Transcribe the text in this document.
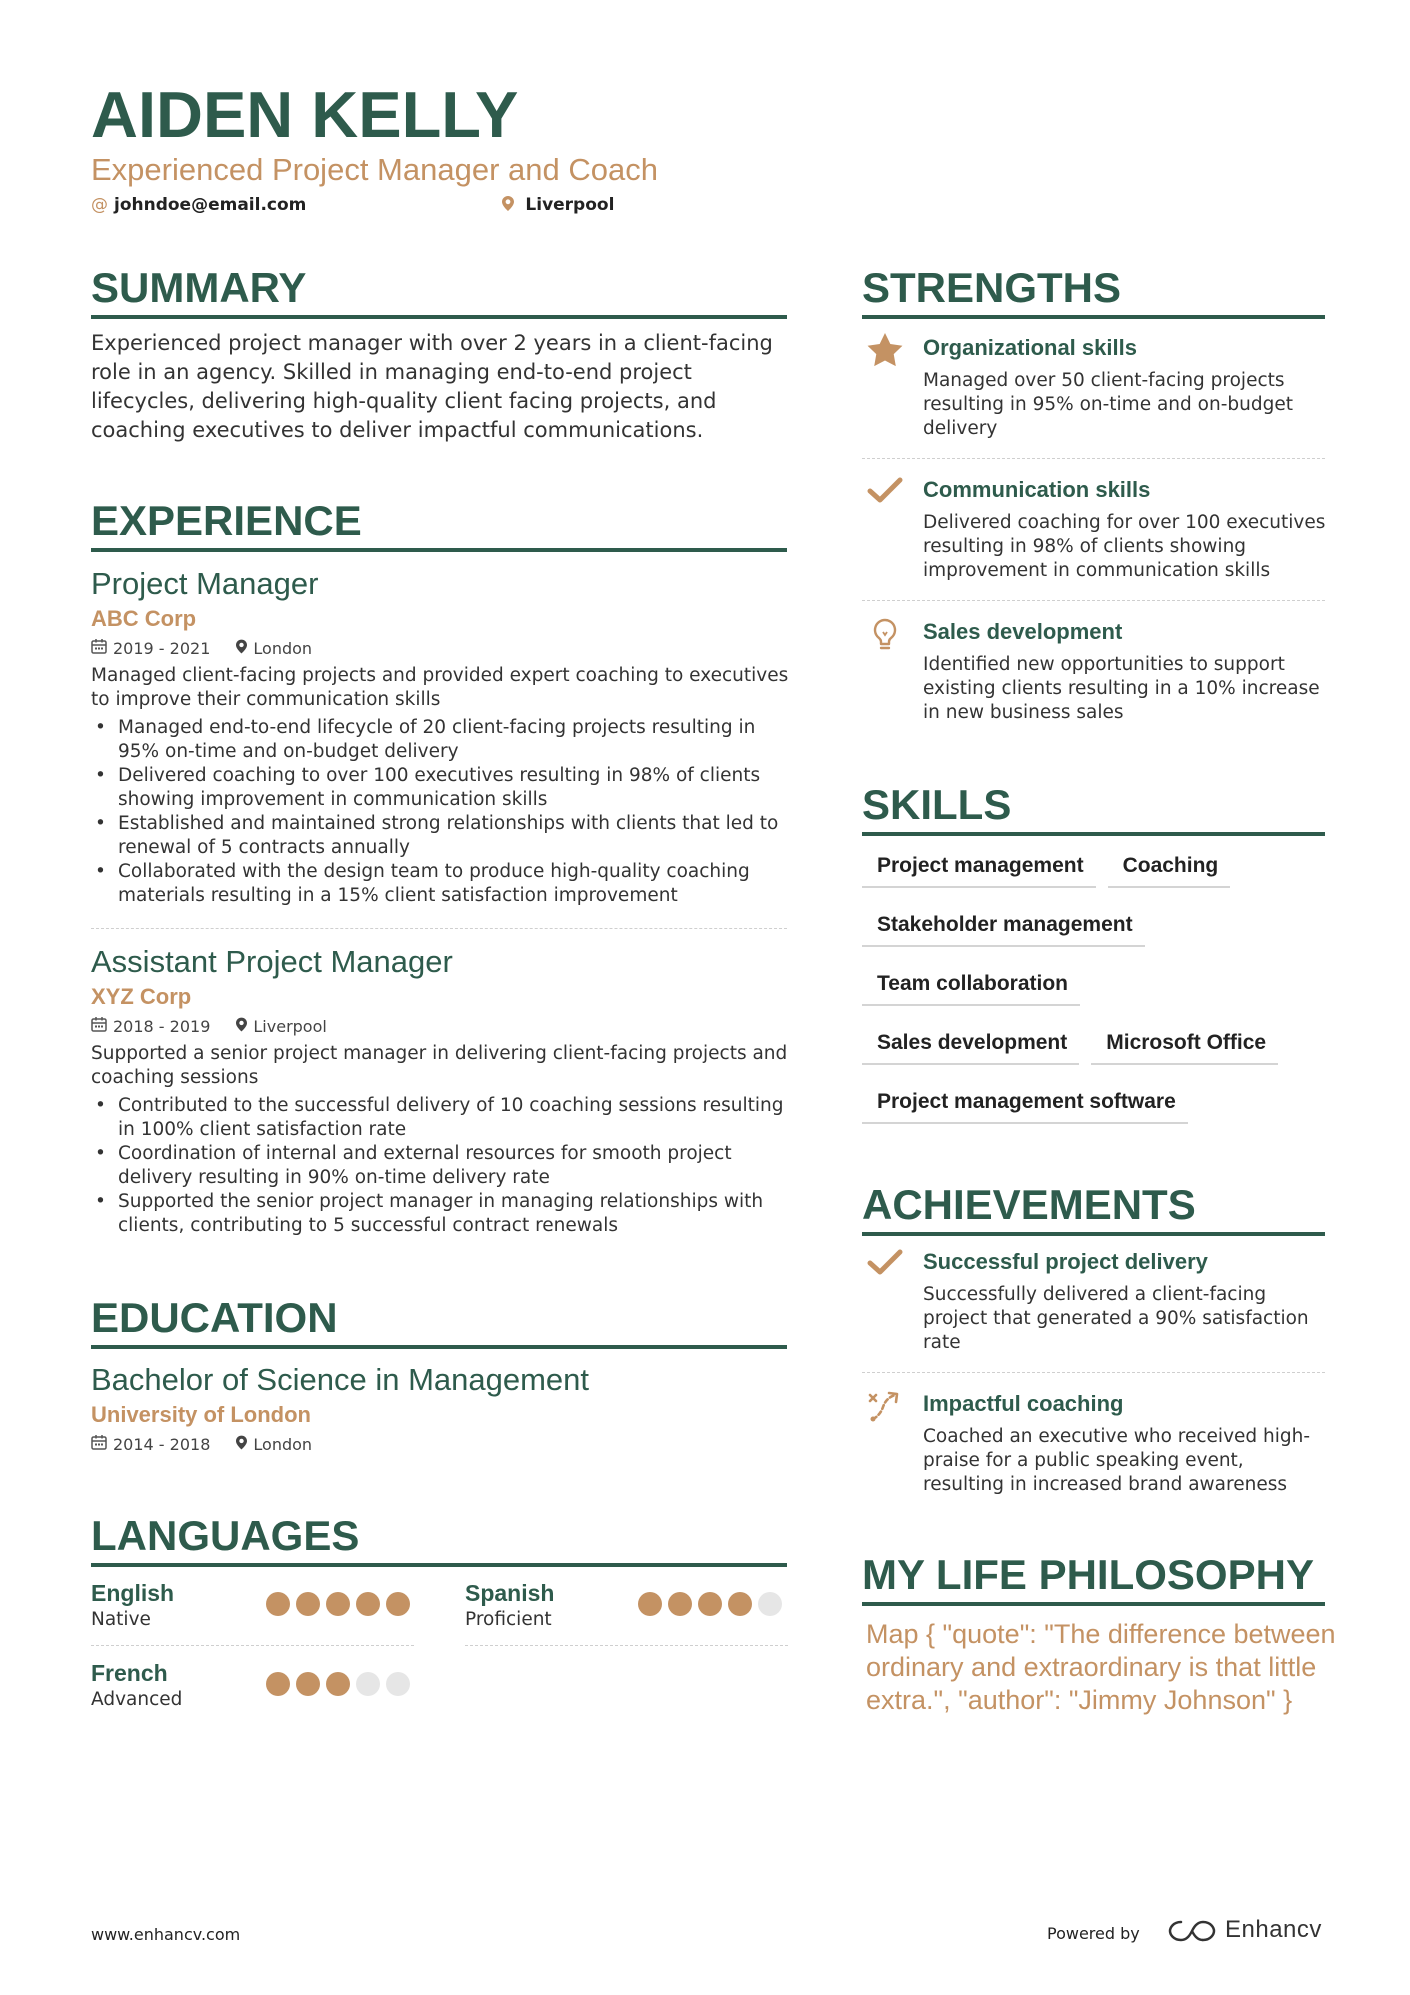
AIDEN KELLY
Experienced Project Manager and Coach
@ johndoe@email.com	Liverpool
SUMMARY

Experienced project manager with over 2 years in a client-facing role in an agency. Skilled in managing end-to-end project lifecycles, delivering high-quality client facing projects, and coaching executives to deliver impactful communications.

EXPERIENCE
Project Manager
ABC Corp
2019 - 2021	London

Managed client-facing projects and provided expert coaching to executives to improve their communication skills

• Managed end-to-end lifecycle of 20 client-facing projects resulting in 95% on-time and on-budget delivery
• Delivered coaching to over 100 executives resulting in 98% of clients showing improvement in communication skills
• Established and maintained strong relationships with clients that led to renewal of 5 contracts annually
• Collaborated with the design team to produce high-quality coaching materials resulting in a 15% client satisfaction improvement
Assistant Project Manager
XYZ Corp
2018 - 2019	Liverpool

Supported a senior project manager in delivering client-facing projects and coaching sessions

• Contributed to the successful delivery of 10 coaching sessions resulting in 100% client satisfaction rate
• Coordination of internal and external resources for smooth project delivery resulting in 90% on-time delivery rate
• Supported the senior project manager in managing relationships with clients, contributing to 5 successful contract renewals
EDUCATION
Bachelor of Science in Management
University of London
2014 - 2018	London
LANGUAGES
English
Native
Spanish
Proficient
French
Advanced
STRENGTHS
Organizational skills

Managed over 50 client-facing projects resulting in 95% on-time and on-budget delivery

Communication skills

Delivered coaching for over 100 executives resulting in 98% of clients showing improvement in communication skills

Sales development

Identified new opportunities to support existing clients resulting in a 10% increase in new business sales

SKILLS
Project management	Coaching
Stakeholder management
Team collaboration
Sales development	Microsoft Office
Project management software
ACHIEVEMENTS
Successful project delivery

Successfully delivered a client-facing project that generated a 90% satisfaction rate

Impactful coaching

Coached an executive who received high-praise for a public speaking event, resulting in increased brand awareness

MY LIFE PHILOSOPHY

Map { "quote": "The difference between ordinary and extraordinary is that little extra.", "author": "Jimmy Johnson" }

www.enhancv.com	Powered by	Enhancv
